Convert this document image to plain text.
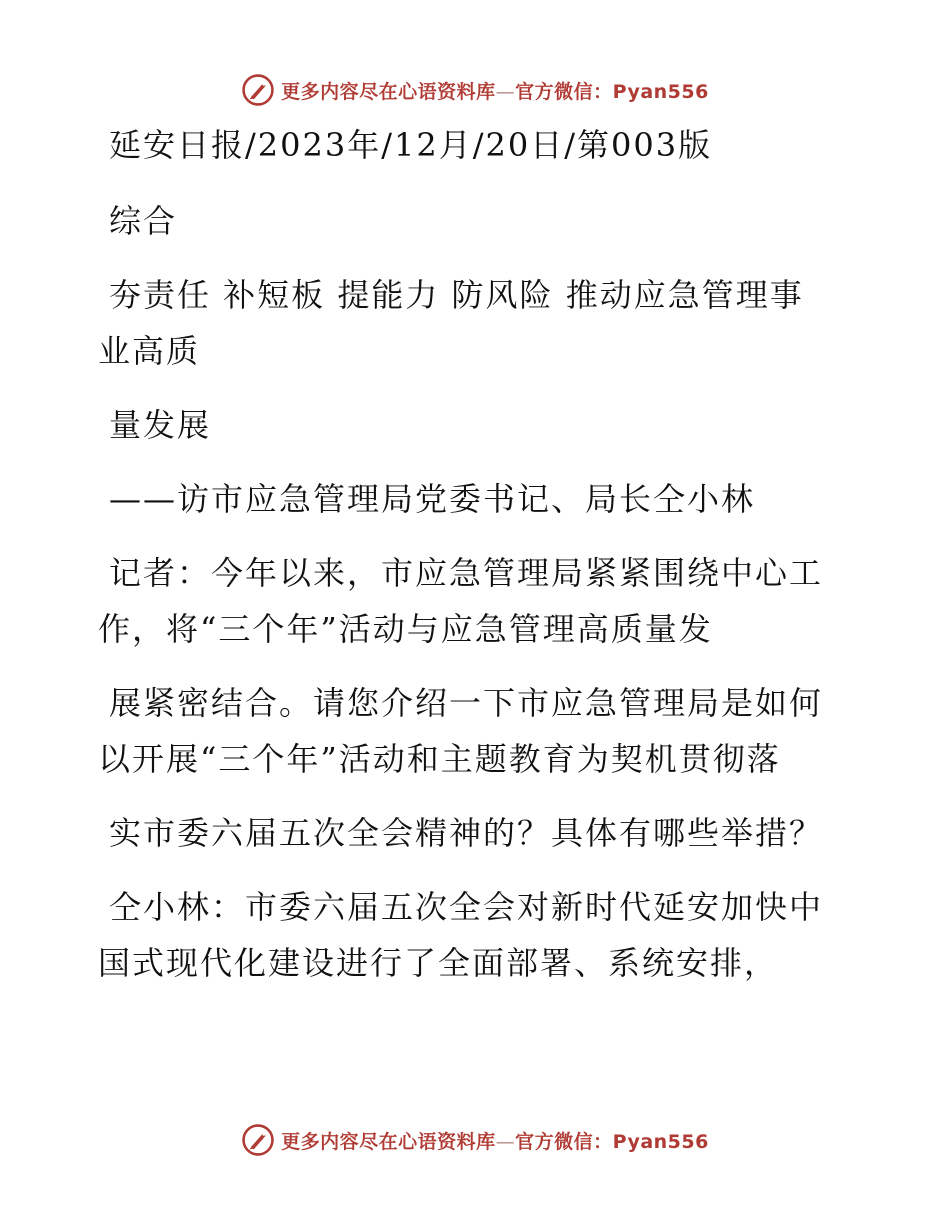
更多内容尽在心语资料库—官方微信：Pyan556
延安日报/2023年/12月/20日/第003版
综合
夯责任 补短板 提能力 防风险 推动应急管理事
业高质
量发展
——访市应急管理局党委书记、局长仝小林
记者：今年以来，市应急管理局紧紧围绕中心工
作，将“三个年”活动与应急管理高质量发
展紧密结合。请您介绍一下市应急管理局是如何
以开展“三个年”活动和主题教育为契机贯彻落
实市委六届五次全会精神的？具体有哪些举措？
仝小林：市委六届五次全会对新时代延安加快中
国式现代化建设进行了全面部署、系统安排，
更多内容尽在心语资料库—官方微信：Pyan556
